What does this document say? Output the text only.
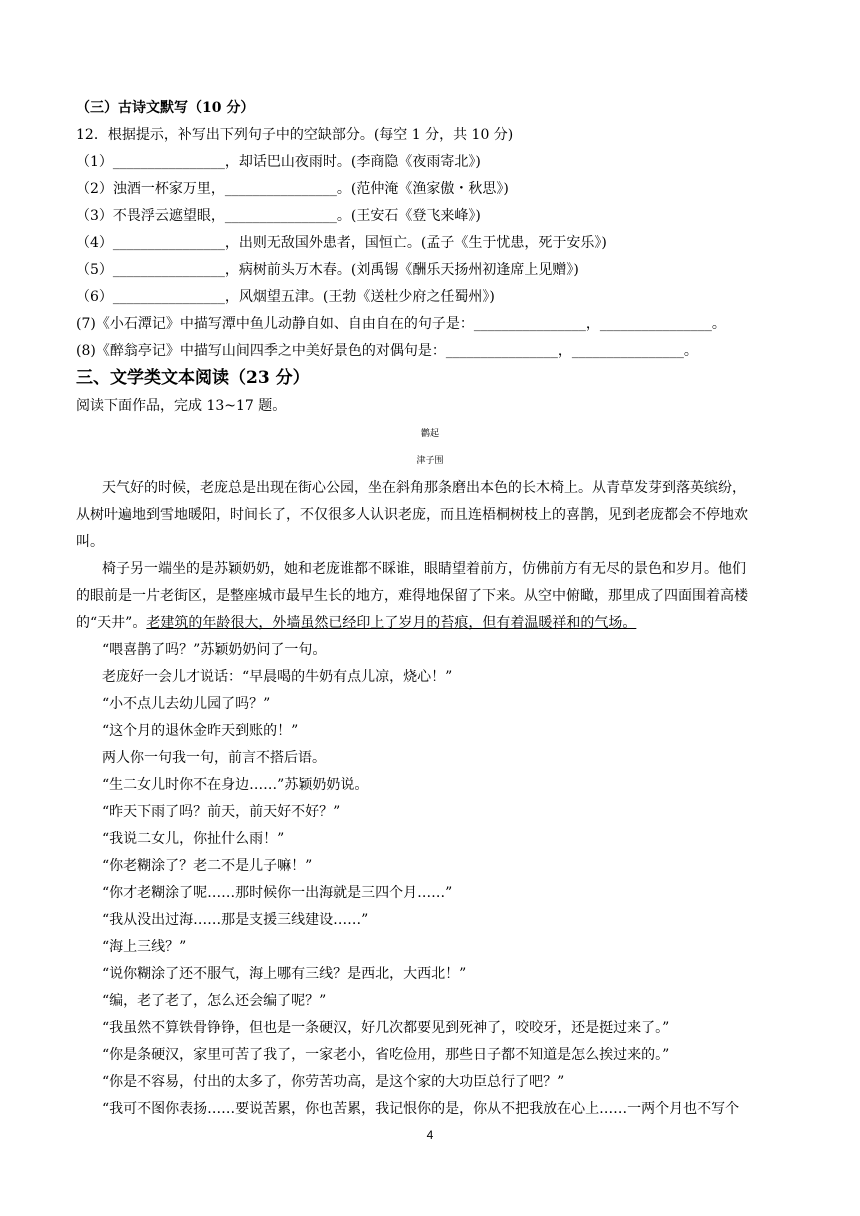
（三）古诗文默写（10 分）
12．根据提示，补写出下列句子中的空缺部分。(每空 1 分，共 10 分)
（1）________________，却话巴山夜雨时。(李商隐《夜雨寄北》)
（2）浊酒一杯家万里，________________。(范仲淹《渔家傲・秋思》)
（3）不畏浮云遮望眼，________________。(王安石《登飞来峰》)
（4）________________，出则无敌国外患者，国恒亡。(孟子《生于忧患，死于安乐》)
（5）________________，病树前头万木春。(刘禹锡《酬乐天扬州初逢席上见赠》)
（6）________________，风烟望五津。(王勃《送杜少府之任蜀州》)
(7)《小石潭记》中描写潭中鱼儿动静自如、自由自在的句子是：________________，________________。
(8)《醉翁亭记》中描写山间四季之中美好景色的对偶句是：________________，________________。
三、文学类文本阅读（23 分）
阅读下面作品，完成 13~17 题。
鹳起
津子围
天气好的时候，老庞总是出现在街心公园，坐在斜角那条磨出本色的长木椅上。从青草发芽到落英缤纷，
从树叶遍地到雪地暖阳，时间长了，不仅很多人认识老庞，而且连梧桐树枝上的喜鹊，见到老庞都会不停地欢
叫。
椅子另一端坐的是苏颖奶奶，她和老庞谁都不睬谁，眼睛望着前方，仿佛前方有无尽的景色和岁月。他们
的眼前是一片老街区，是整座城市最早生长的地方，难得地保留了下来。从空中俯瞰，那里成了四面围着高楼
的“天井”。老建筑的年龄很大，外墙虽然已经印上了岁月的苔痕，但有着温暖祥和的气场。
“喂喜鹊了吗？”苏颖奶奶问了一句。
老庞好一会儿才说话：“早晨喝的牛奶有点儿凉，烧心！”
“小不点儿去幼儿园了吗？”
“这个月的退休金昨天到账的！”
两人你一句我一句，前言不搭后语。
“生二女儿时你不在身边……”苏颖奶奶说。
“昨天下雨了吗？前天，前天好不好？”
“我说二女儿，你扯什么雨！”
“你老糊涂了？老二不是儿子嘛！”
“你才老糊涂了呢……那时候你一出海就是三四个月……”
“我从没出过海……那是支援三线建设……”
“海上三线？”
“说你糊涂了还不服气，海上哪有三线？是西北，大西北！”
“编，老了老了，怎么还会编了呢？”
“我虽然不算铁骨铮铮，但也是一条硬汉，好几次都要见到死神了，咬咬牙，还是挺过来了。”
“你是条硬汉，家里可苦了我了，一家老小，省吃俭用，那些日子都不知道是怎么挨过来的。”
“你是不容易，付出的太多了，你劳苦功高，是这个家的大功臣总行了吧？”
“我可不图你表扬……要说苦累，你也苦累，我记恨你的是，你从不把我放在心上……一两个月也不写个
4
